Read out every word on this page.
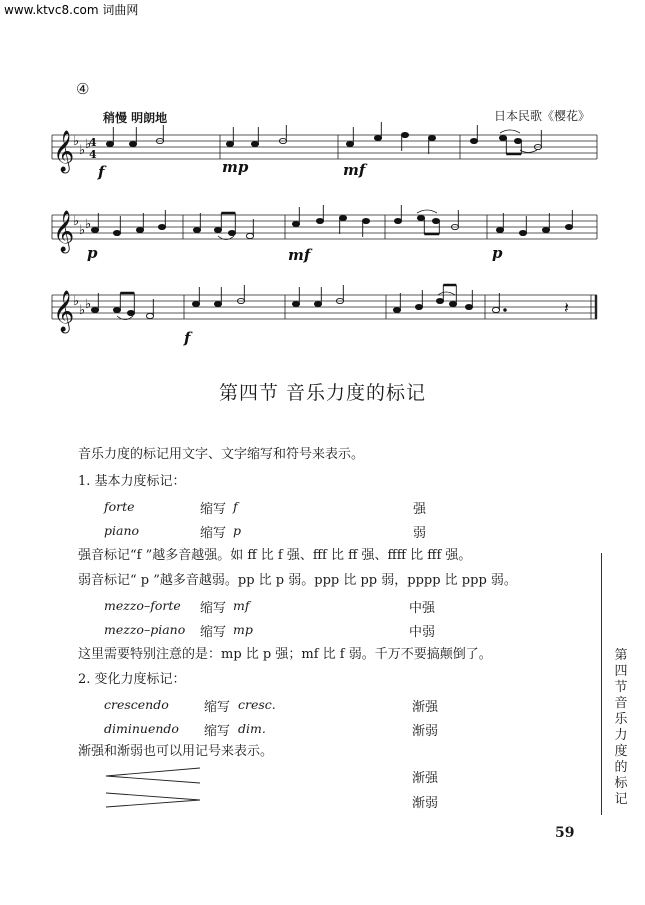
www.ktvc8.com 词曲网
④
稍慢 明朗地	日本民歌《樱花》
𝄞
♭
♭ ♭
4
4
f	mp	mf
𝄞
♭
♭ ♭
p	mf	p
𝄞
♭
♭ ♭	𝄽
f
第四节 音乐力度的标记
音乐力度的标记用文字、文字缩写和符号来表示。
1. 基本力度标记：
forte	缩写 f	强
piano	缩写 p	弱
强音标记“f ”越多音越强。如 ff 比 f 强、fff 比 ff 强、ffff 比 fff 强。
弱音标记“ p ”越多音越弱。pp 比 p 弱。ppp 比 pp 弱，pppp 比 ppp 弱。
mezzo–forte 缩写 mf	中强
mezzo–piano 缩写 mp	中弱
这里需要特别注意的是：mp 比 p 强；mf 比 f 弱。千万不要搞颠倒了。
2. 变化力度标记：
crescendo	缩写 cresc.	渐强
diminuendo 缩写 dim.	渐弱
渐强和渐弱也可以用记号来表示。
渐强
渐弱
第四节 音乐力度的标记
59
